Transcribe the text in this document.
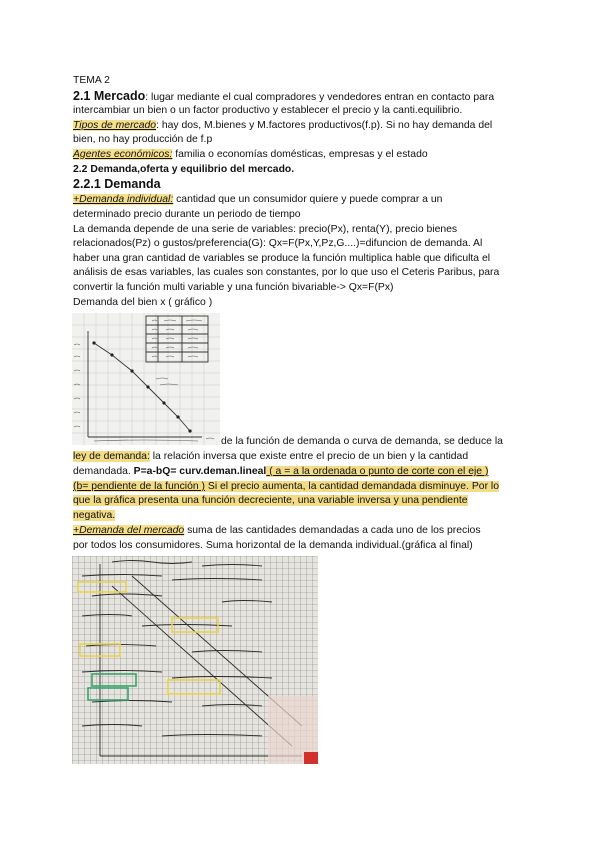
TEMA 2
2.1 Mercado: lugar mediante el cual compradores y vendedores entran en contacto para
intercambiar un bien o un factor productivo y establecer el precio y la canti.equilibrio.
Tipos de mercado: hay dos, M.bienes y M.factores productivos(f.p). Si no hay demanda del
bien, no hay producción de f.p
Agentes económicos: familia o economías domésticas, empresas y el estado
2.2 Demanda,oferta y equilibrio del mercado.
2.2.1 Demanda
+Demanda individual: cantidad que un consumidor quiere y puede comprar a un
determinado precio durante un periodo de tiempo
La demanda depende de una serie de variables: precio(Px), renta(Y), precio bienes
relacionados(Pz) o gustos/preferencia(G): Qx=F(Px,Y,Pz,G....)=difuncion de demanda. Al
haber una gran cantidad de variables se produce la función multiplica hable que dificulta el
análisis de esas variables, las cuales son constantes, por lo que uso el Ceteris Paribus, para
convertir la función multi variable y una función bivariable-> Qx=F(Px)
Demanda del bien x ( gráfico )
de la función de demanda o curva de demanda, se deduce la
ley de demanda: la relación inversa que existe entre el precio de un bien y la cantidad
demandada. P=a-bQ= curv.deman.lineal ( a = a la ordenada o punto de corte con el eje )
(b= pendiente de la función ) Si el precio aumenta, la cantidad demandada disminuye. Por lo
que la gráfica presenta una función decreciente, una variable inversa y una pendiente
negativa.
+Demanda del mercado suma de las cantidades demandadas a cada uno de los precios
por todos los consumidores. Suma horizontal de la demanda individual.(gráfica al final)
